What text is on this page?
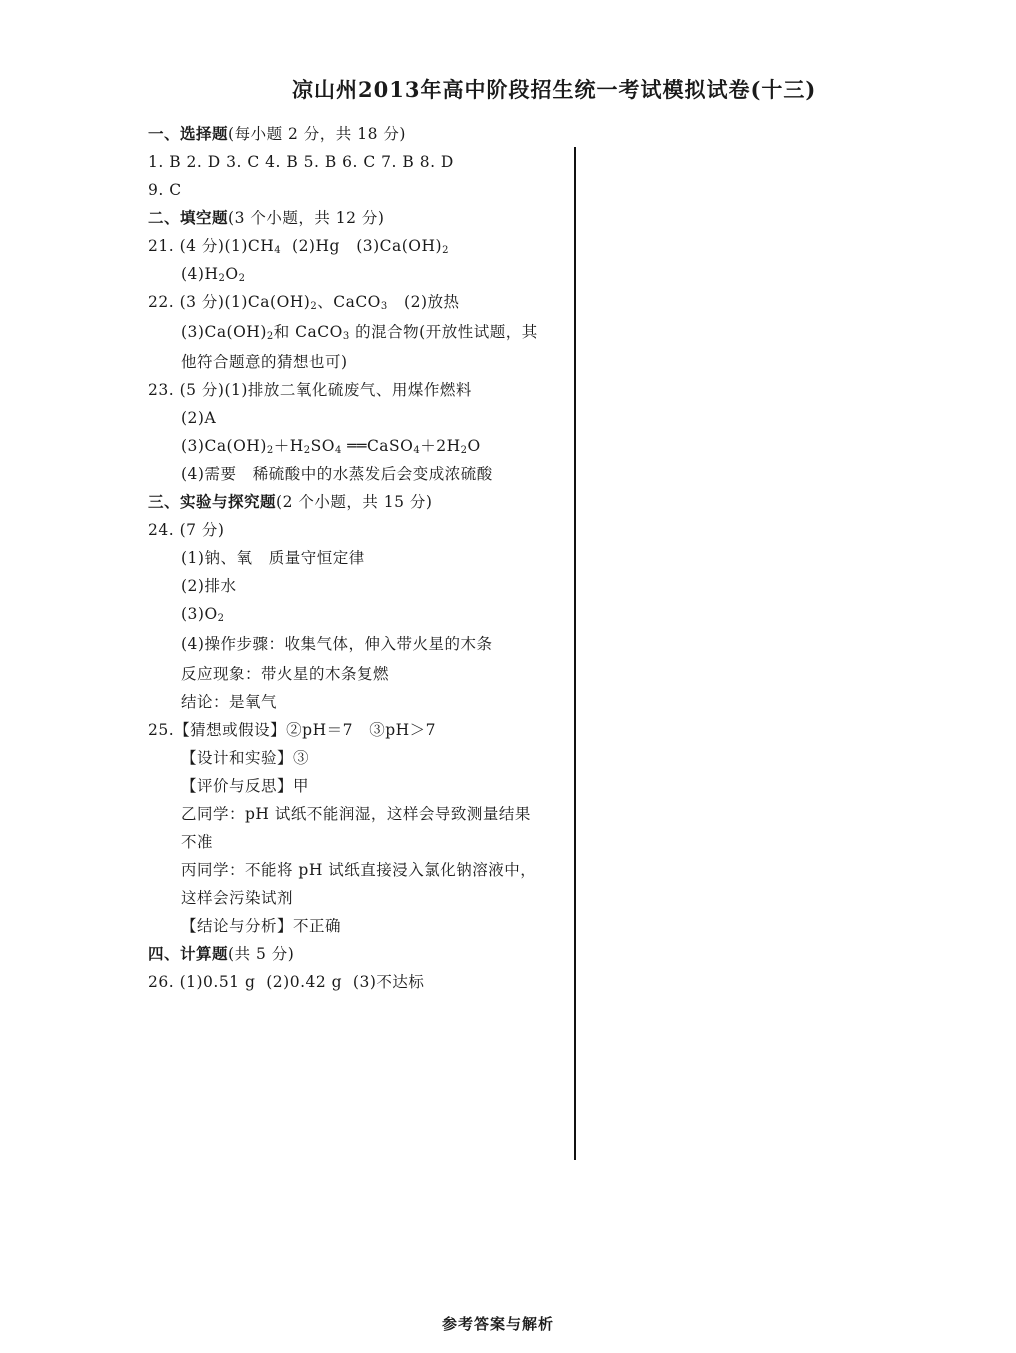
凉山州2013年高中阶段招生统一考试模拟试卷(十三)
一、选择题(每小题 2 分，共 18 分)
1. B 2. D 3. C 4. B 5. B 6. C 7. B 8. D
9. C
二、填空题(3 个小题，共 12 分)
21. (4 分)$(1)CH_4$  (2)Hg   $(3)Ca(OH)_2$
$(4)H_2O_2$
22. (3 分)$(1)Ca(OH)_2$、CaCO$_3$   (2)放热
$(3)Ca(OH)_2$和 CaCO$_3$ 的混合物(开放性试题，其
他符合题意的猜想也可)
23. (5 分)(1)排放二氧化硫废气、用煤作燃料
(2)A
$(3)Ca(OH)_2+H_2SO_4$ $══CaSO_4+2H_2O$
(4)需要   稀硫酸中的水蒸发后会变成浓硫酸
三、实验与探究题(2 个小题，共 15 分)
24. (7 分)
(1)钠、氧   质量守恒定律
(2)排水
$(3)O_2$
(4)操作步骤：收集气体，伸入带火星的木条
反应现象：带火星的木条复燃
结论：是氧气
25.【猜想或假设】②pH＝7   ③pH＞7
【设计和实验】③
【评价与反思】甲
乙同学：pH 试纸不能润湿，这样会导致测量结果
不准
丙同学：不能将 pH 试纸直接浸入氯化钠溶液中，
这样会污染试剂
【结论与分析】不正确
四、计算题(共 5 分)
26. (1)0.51 g  (2)0.42 g  (3)不达标
参考答案与解析
